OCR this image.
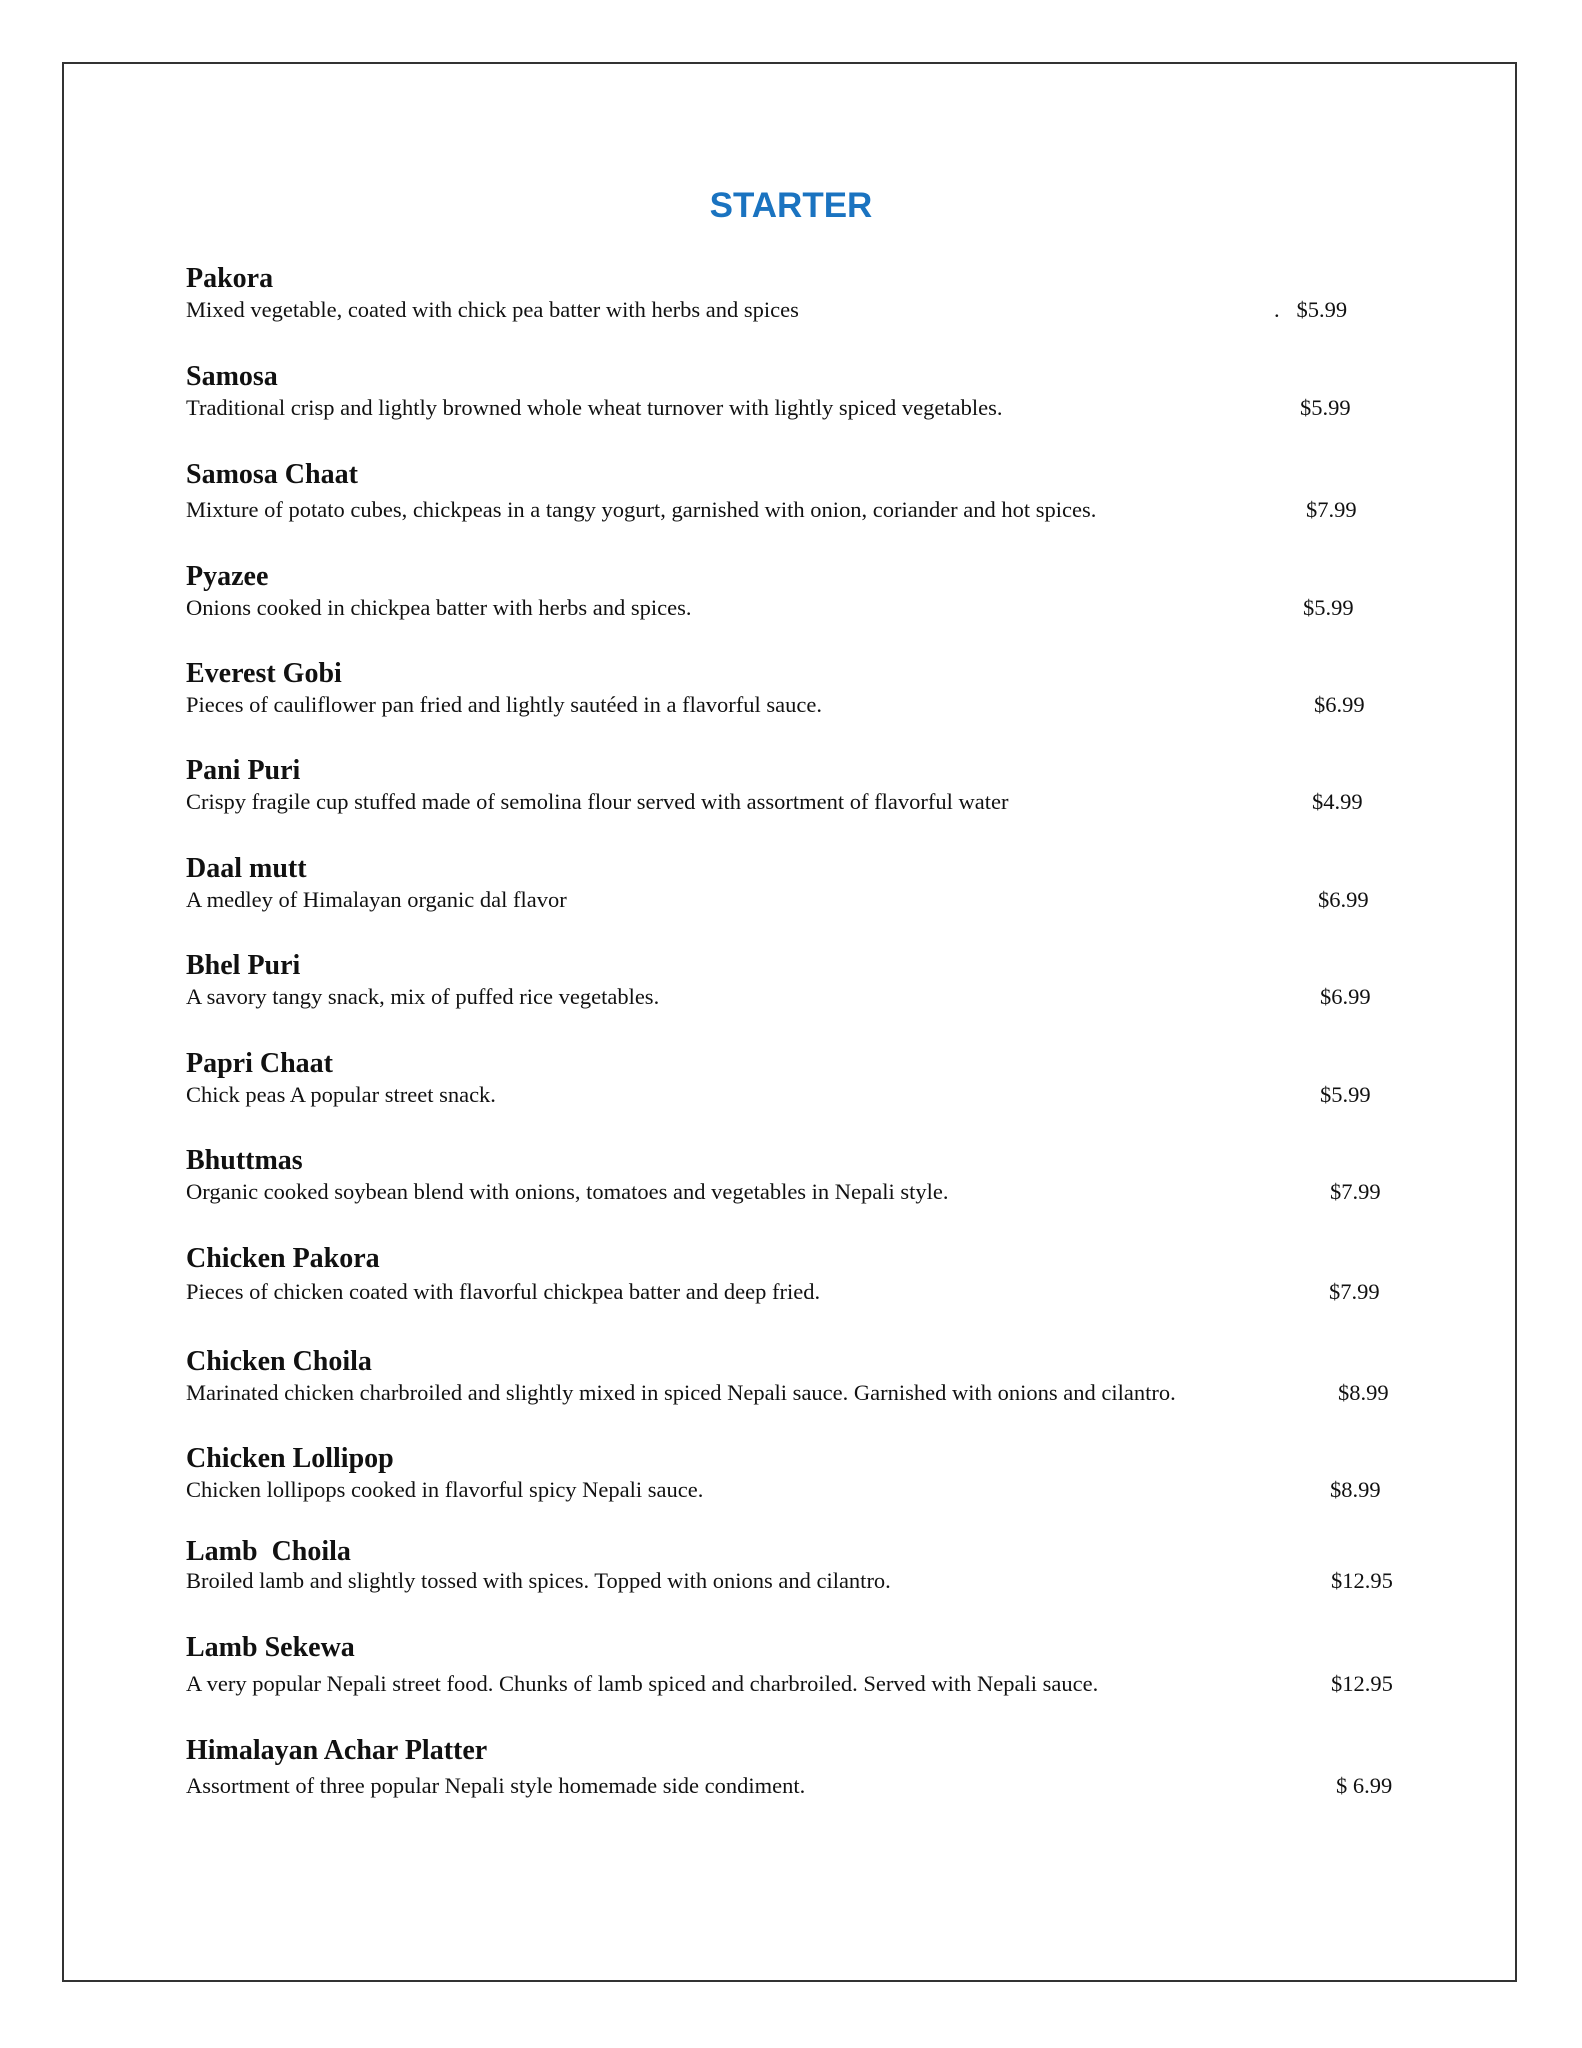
STARTER
Pakora
Mixed vegetable, coated with chick pea batter with herbs and spices	.   $5.99
Samosa
Traditional crisp and lightly browned whole wheat turnover with lightly spiced vegetables.	$5.99
Samosa Chaat
Mixture of potato cubes, chickpeas in a tangy yogurt, garnished with onion, coriander and hot spices.	$7.99
Pyazee
Onions cooked in chickpea batter with herbs and spices.	$5.99
Everest Gobi
Pieces of cauliflower pan fried and lightly sautéed in a flavorful sauce.	$6.99
Pani Puri
Crispy fragile cup stuffed made of semolina flour served with assortment of flavorful water	$4.99
Daal mutt
A medley of Himalayan organic dal flavor	$6.99
Bhel Puri
A savory tangy snack, mix of puffed rice vegetables.	$6.99
Papri Chaat
Chick peas A popular street snack.	$5.99
Bhuttmas
Organic cooked soybean blend with onions, tomatoes and vegetables in Nepali style.	$7.99
Chicken Pakora
Pieces of chicken coated with flavorful chickpea batter and deep fried.	$7.99
Chicken Choila
Marinated chicken charbroiled and slightly mixed in spiced Nepali sauce. Garnished with onions and cilantro.	$8.99
Chicken Lollipop
Chicken lollipops cooked in flavorful spicy Nepali sauce.	$8.99
Lamb  Choila
Broiled lamb and slightly tossed with spices. Topped with onions and cilantro.	$12.95
Lamb Sekewa
A very popular Nepali street food. Chunks of lamb spiced and charbroiled. Served with Nepali sauce.	$12.95
Himalayan Achar Platter
Assortment of three popular Nepali style homemade side condiment.	$ 6.99
